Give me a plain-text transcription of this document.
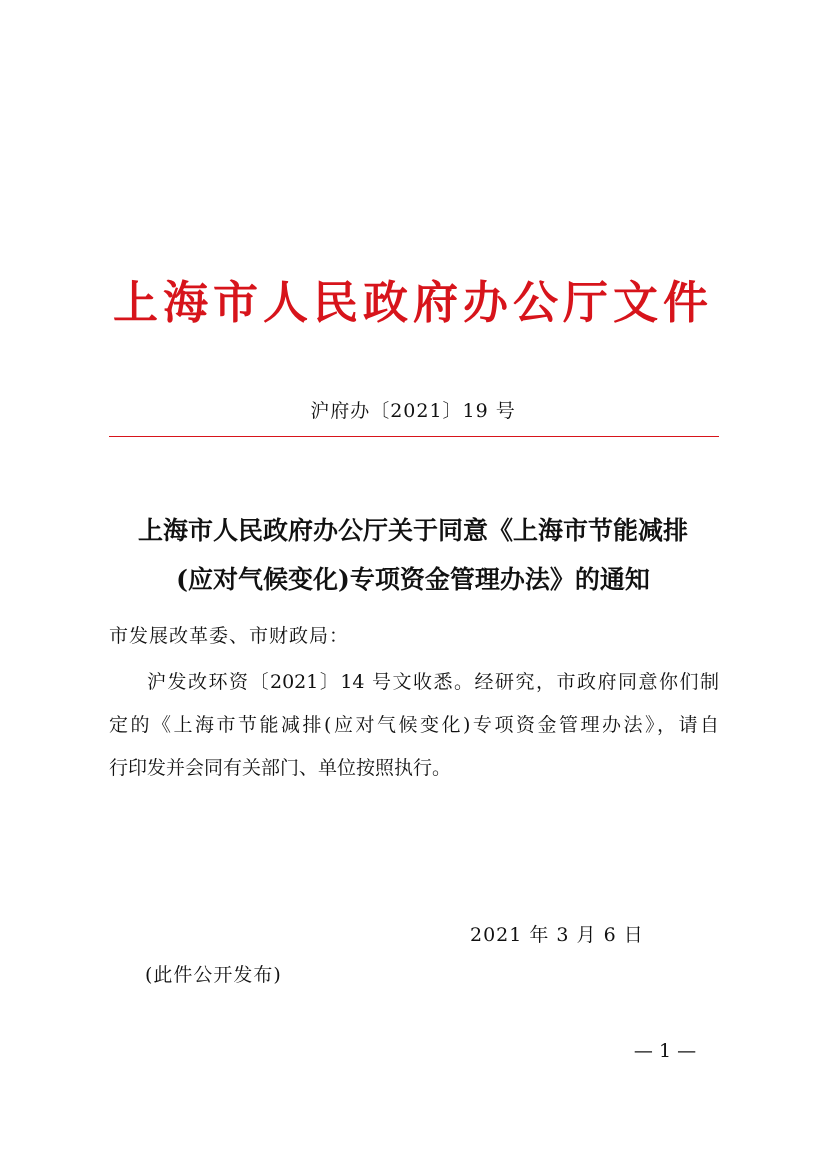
上海市人民政府办公厅文件
沪府办〔2021〕19 号
上海市人民政府办公厅关于同意《上海市节能减排
(应对气候变化)专项资金管理办法》的通知
市发展改革委、市财政局：
沪发改环资〔2021〕14 号文收悉。经研究，市政府同意你们制
定的《上海市节能减排(应对气候变化)专项资金管理办法》，请自
行印发并会同有关部门、单位按照执行。
2021 年 3 月 6 日
(此件公开发布)
— 1 —
